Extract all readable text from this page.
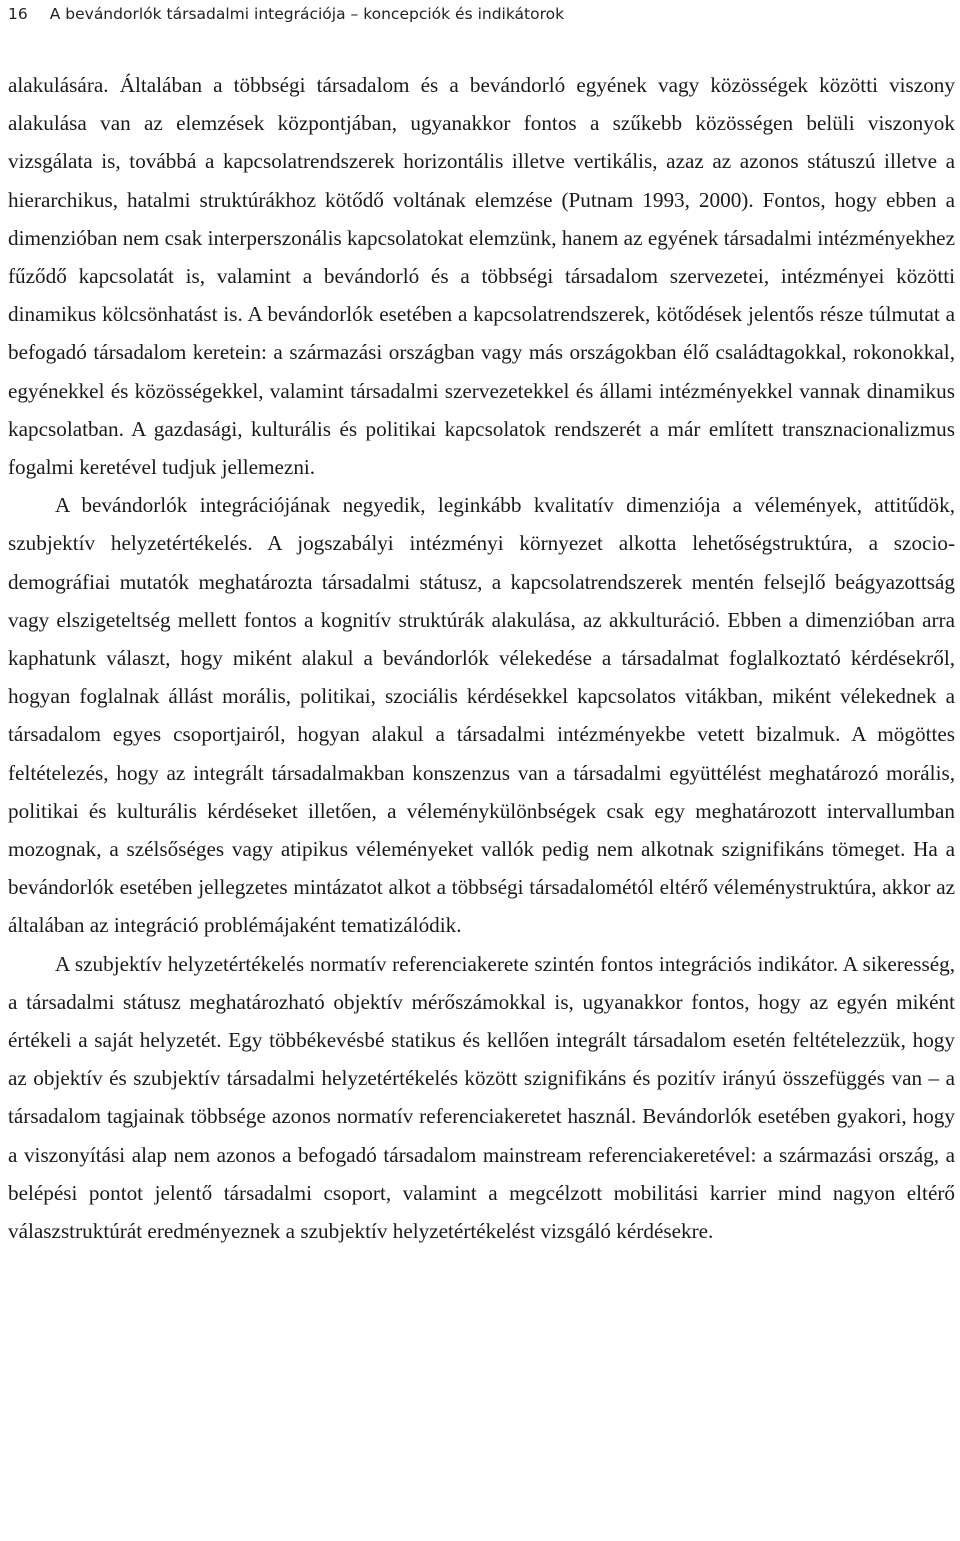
16 A bevándorlók társadalmi integrációja – koncepciók és indikátorok

alakulására. Általában a többségi társadalom és a bevándorló egyének vagy közösségek közötti viszony alakulása van az elemzések központjában, ugyanakkor fontos a szűkebb közösségen belüli viszonyok vizsgálata is, továbbá a kapcsolatrendszerek horizontális illetve vertikális, azaz az azonos státuszú illetve a hierarchikus, hatalmi struktúrákhoz kötődő voltának elemzése (Putnam 1993, 2000). Fontos, hogy ebben a dimenzióban nem csak interperszonális kapcsolatokat elemzünk, hanem az egyének társadalmi intézményekhez fűződő kapcsolatát is, valamint a bevándorló és a többségi társadalom szervezetei, intézményei közötti dinamikus kölcsönhatást is. A bevándorlók esetében a kapcsolatrendszerek, kötődések jelentős része túlmutat a befogadó társadalom keretein: a származási országban vagy más országokban élő családtagokkal, rokonokkal, egyénekkel és közösségekkel, valamint társadalmi szervezetekkel és állami intézményekkel vannak dinamikus kapcsolatban. A gazdasági, kulturális és politikai kapcsolatok rendszerét a már említett transznacionalizmus fogalmi keretével tudjuk jellemezni.

A bevándorlók integrációjának negyedik, leginkább kvalitatív dimenziója a vélemények, attitűdök, szubjektív helyzetértékelés. A jogszabályi intézményi környezet alkotta lehetőségstruktúra, a szocio-demográfiai mutatók meghatározta társadalmi státusz, a kapcsolatrendszerek mentén felsejlő beágyazottság vagy elszigeteltség mellett fontos a kognitív struktúrák alakulása, az akkulturáció. Ebben a dimenzióban arra kaphatunk választ, hogy miként alakul a bevándorlók vélekedése a társadalmat foglalkoztató kérdésekről, hogyan foglalnak állást morális, politikai, szociális kérdésekkel kapcsolatos vitákban, miként vélekednek a társadalom egyes csoportjairól, hogyan alakul a társadalmi intézményekbe vetett bizalmuk. A mögöttes feltételezés, hogy az integrált társadalmakban konszenzus van a társadalmi együttélést meghatározó morális, politikai és kulturális kérdéseket illetően, a véleménykülönbségek csak egy meghatározott intervallumban mozognak, a szélsőséges vagy atipikus véleményeket vallók pedig nem alkotnak szignifikáns tömeget. Ha a bevándorlók esetében jellegzetes mintázatot alkot a többségi társadalométól eltérő véleménystruktúra, akkor az általában az integráció problémájaként tematizálódik.

A szubjektív helyzetértékelés normatív referenciakerete szintén fontos integrációs indikátor. A sikeresség, a társadalmi státusz meghatározható objektív mérőszámokkal is, ugyanakkor fontos, hogy az egyén miként értékeli a saját helyzetét. Egy többékevésbé statikus és kellően integrált társadalom esetén feltételezzük, hogy az objektív és szubjektív társadalmi helyzetértékelés között szignifikáns és pozitív irányú összefüggés van – a társadalom tagjainak többsége azonos normatív referenciakeretet használ. Bevándorlók esetében gyakori, hogy a viszonyítási alap nem azonos a befogadó társadalom mainstream referenciakeretével: a származási ország, a belépési pontot jelentő társadalmi csoport, valamint a megcélzott mobilitási karrier mind nagyon eltérő válaszstruktúrát eredményeznek a szubjektív helyzetértékelést vizsgáló kérdésekre.
